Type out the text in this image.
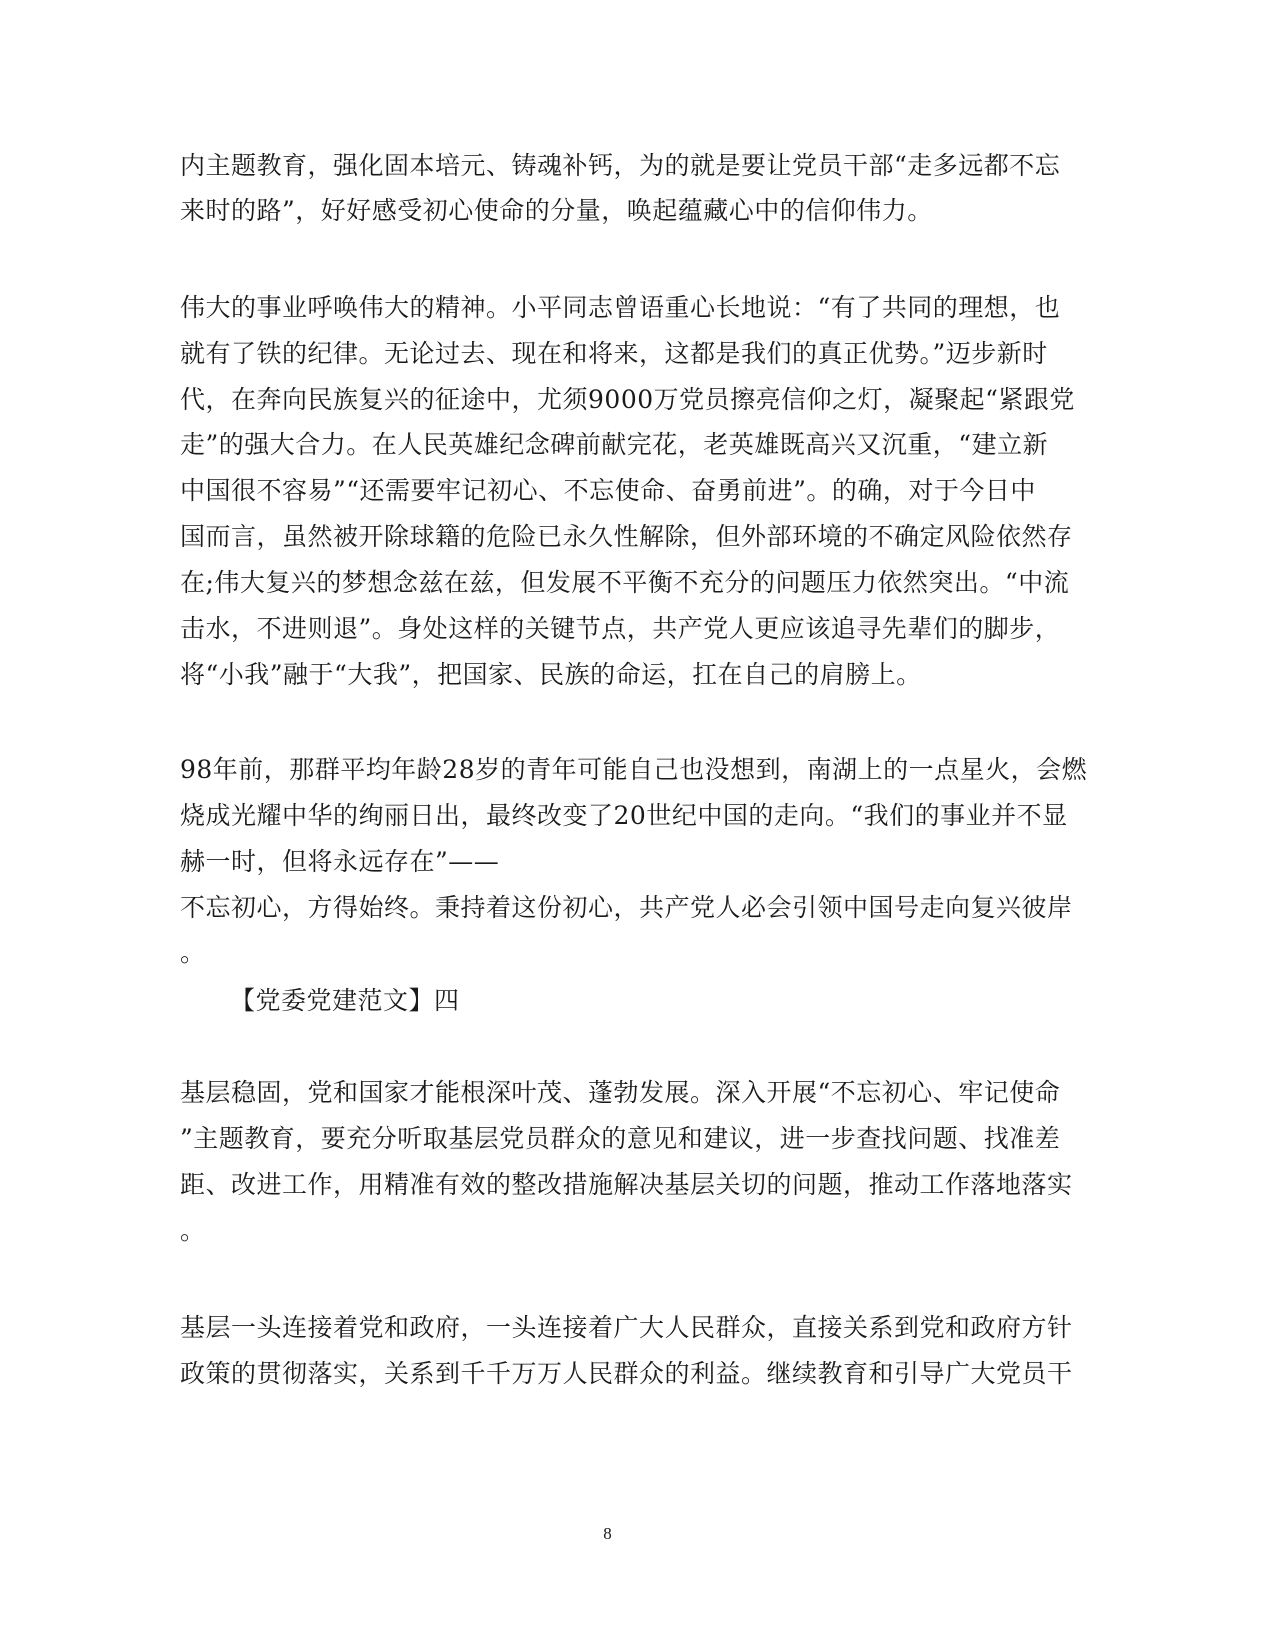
内主题教育，强化固本培元、铸魂补钙，为的就是要让党员干部“走多远都不忘
来时的路”，好好感受初心使命的分量，唤起蕴藏心中的信仰伟力。
伟大的事业呼唤伟大的精神。小平同志曾语重心长地说：“有了共同的理想，也
就有了铁的纪律。无论过去、现在和将来，这都是我们的真正优势。”迈步新时
代，在奔向民族复兴的征途中，尤须9000万党员擦亮信仰之灯，凝聚起“紧跟党
走”的强大合力。在人民英雄纪念碑前献完花，老英雄既高兴又沉重，“建立新
中国很不容易”“还需要牢记初心、不忘使命、奋勇前进”。的确，对于今日中
国而言，虽然被开除球籍的危险已永久性解除，但外部环境的不确定风险依然存
在;伟大复兴的梦想念兹在兹，但发展不平衡不充分的问题压力依然突出。“中流
击水，不进则退”。身处这样的关键节点，共产党人更应该追寻先辈们的脚步，
将“小我”融于“大我”，把国家、民族的命运，扛在自己的肩膀上。
98年前，那群平均年龄28岁的青年可能自己也没想到，南湖上的一点星火，会燃
烧成光耀中华的绚丽日出，最终改变了20世纪中国的走向。“我们的事业并不显
赫一时，但将永远存在”——
不忘初心，方得始终。秉持着这份初心，共产党人必会引领中国号走向复兴彼岸
。
【党委党建范文】四
基层稳固，党和国家才能根深叶茂、蓬勃发展。深入开展“不忘初心、牢记使命
”主题教育，要充分听取基层党员群众的意见和建议，进一步查找问题、找准差
距、改进工作，用精准有效的整改措施解决基层关切的问题，推动工作落地落实
。
基层一头连接着党和政府，一头连接着广大人民群众，直接关系到党和政府方针
政策的贯彻落实，关系到千千万万人民群众的利益。继续教育和引导广大党员干
8
